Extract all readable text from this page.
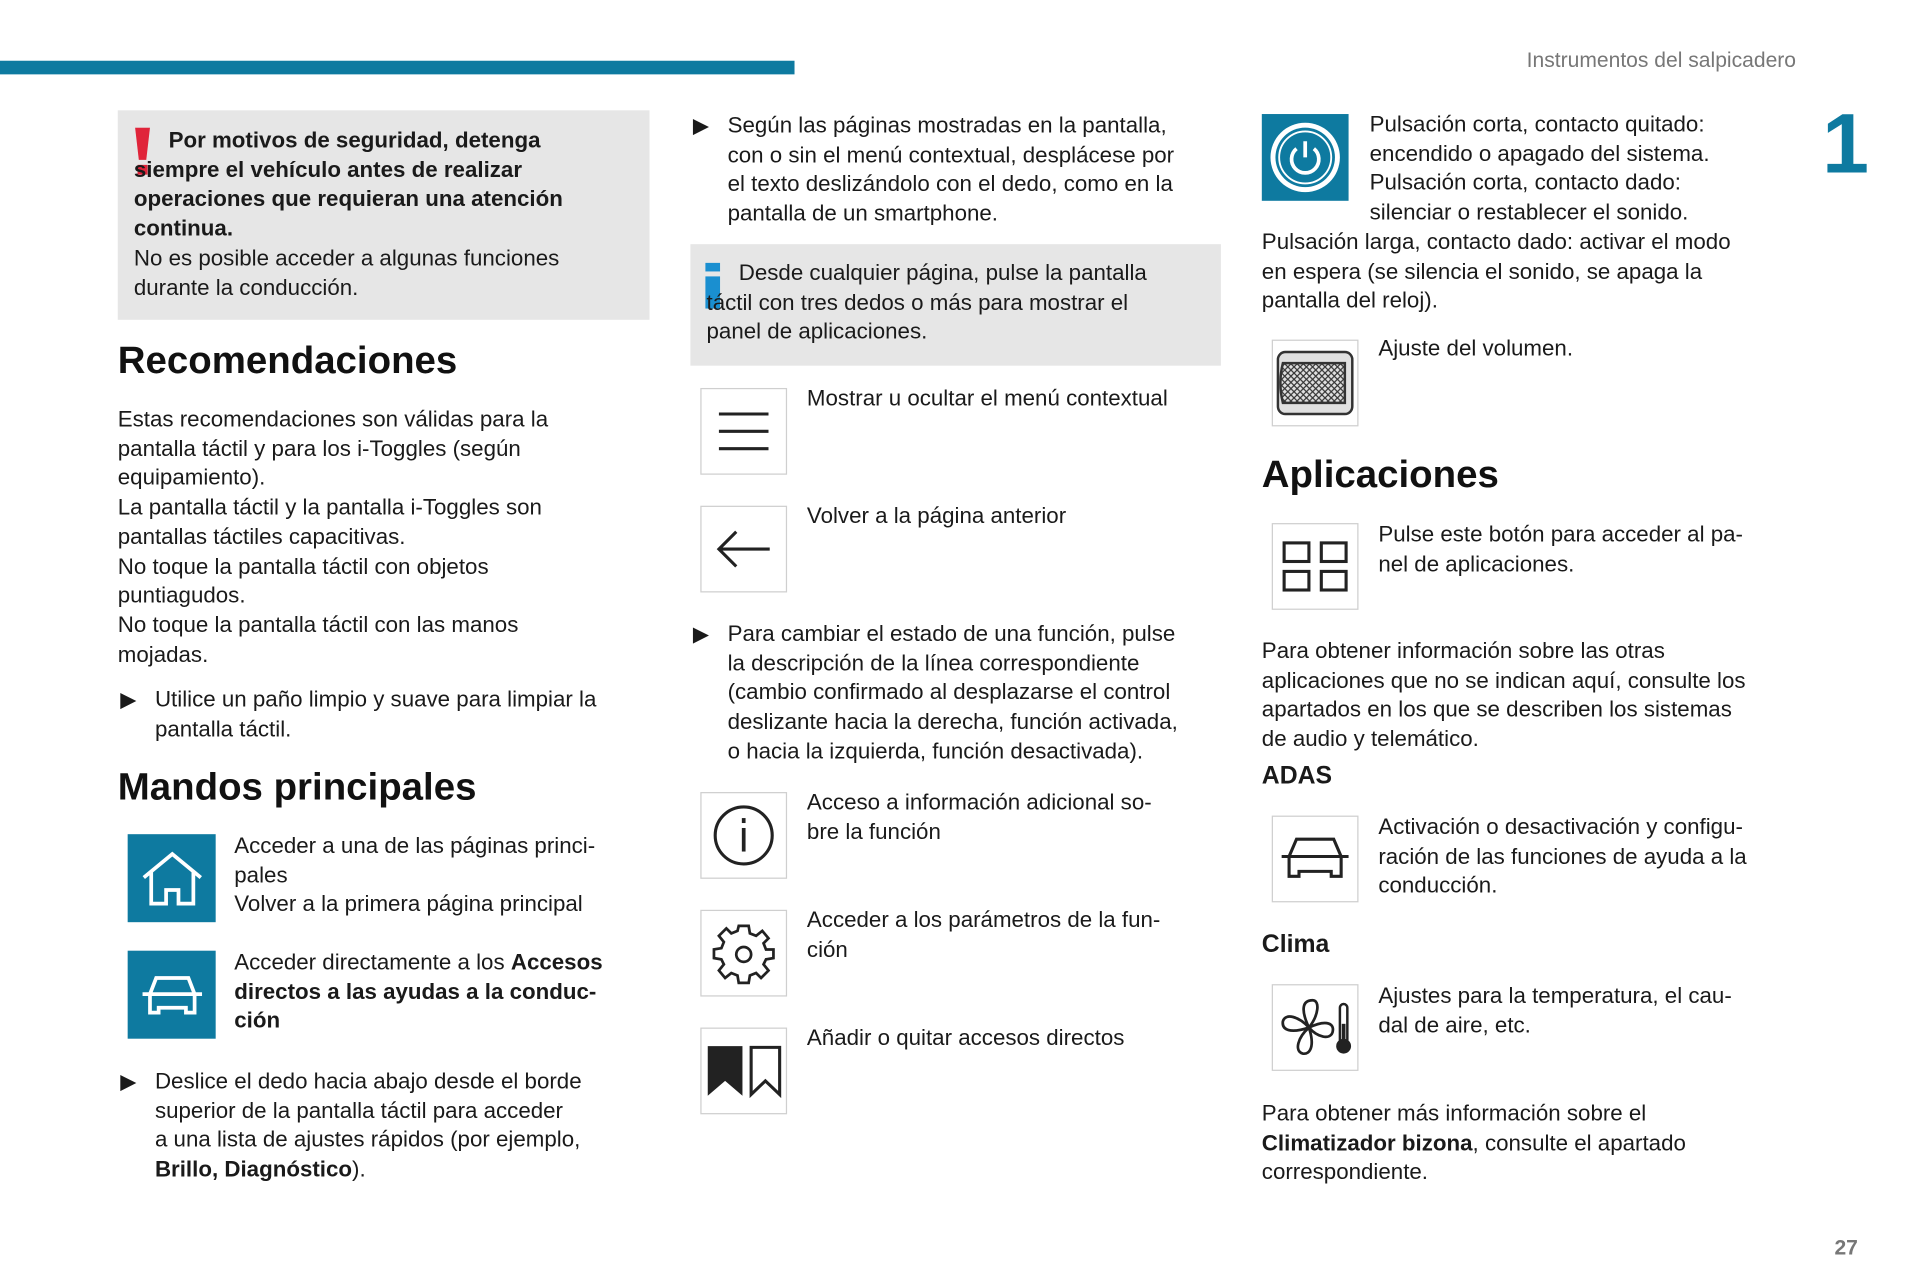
Instrumentos del salpicadero
1
27
Por motivos de seguridad, detenga
siempre el vehículo antes de realizar
operaciones que requieran una atención
continua.
No es posible acceder a algunas funciones
durante la conducción.
Recomendaciones
Estas recomendaciones son válidas para la
pantalla táctil y para los i-Toggles (según
equipamiento).
La pantalla táctil y la pantalla i-Toggles son
pantallas táctiles capacitivas.
No toque la pantalla táctil con objetos
puntiagudos.
No toque la pantalla táctil con las manos
mojadas.
▶ Utilice un paño limpio y suave para limpiar la
pantalla táctil.
Mandos principales
Acceder a una de las páginas princi-
pales
Volver a la primera página principal
Acceder directamente a los Accesos
directos a las ayudas a la conduc-
ción
▶ Deslice el dedo hacia abajo desde el borde
superior de la pantalla táctil para acceder
a una lista de ajustes rápidos (por ejemplo,
Brillo, Diagnóstico).
▶ Según las páginas mostradas en la pantalla,
con o sin el menú contextual, desplácese por
el texto deslizándolo con el dedo, como en la
pantalla de un smartphone.
Desde cualquier página, pulse la pantalla
táctil con tres dedos o más para mostrar el
panel de aplicaciones.
Mostrar u ocultar el menú contextual
Volver a la página anterior
▶ Para cambiar el estado de una función, pulse
la descripción de la línea correspondiente
(cambio confirmado al desplazarse el control
deslizante hacia la derecha, función activada,
o hacia la izquierda, función desactivada).
Acceso a información adicional so-
bre la función
Acceder a los parámetros de la fun-
ción
Añadir o quitar accesos directos
Pulsación corta, contacto quitado:
encendido o apagado del sistema.
Pulsación corta, contacto dado:
silenciar o restablecer el sonido.
Pulsación larga, contacto dado: activar el modo
en espera (se silencia el sonido, se apaga la
pantalla del reloj).
Ajuste del volumen.
Aplicaciones
Pulse este botón para acceder al pa-
nel de aplicaciones.
Para obtener información sobre las otras
aplicaciones que no se indican aquí, consulte los
apartados en los que se describen los sistemas
de audio y telemático.
ADAS
Activación o desactivación y configu-
ración de las funciones de ayuda a la
conducción.
Clima
Ajustes para la temperatura, el cau-
dal de aire, etc.
Para obtener más información sobre el
Climatizador bizona, consulte el apartado
correspondiente.
